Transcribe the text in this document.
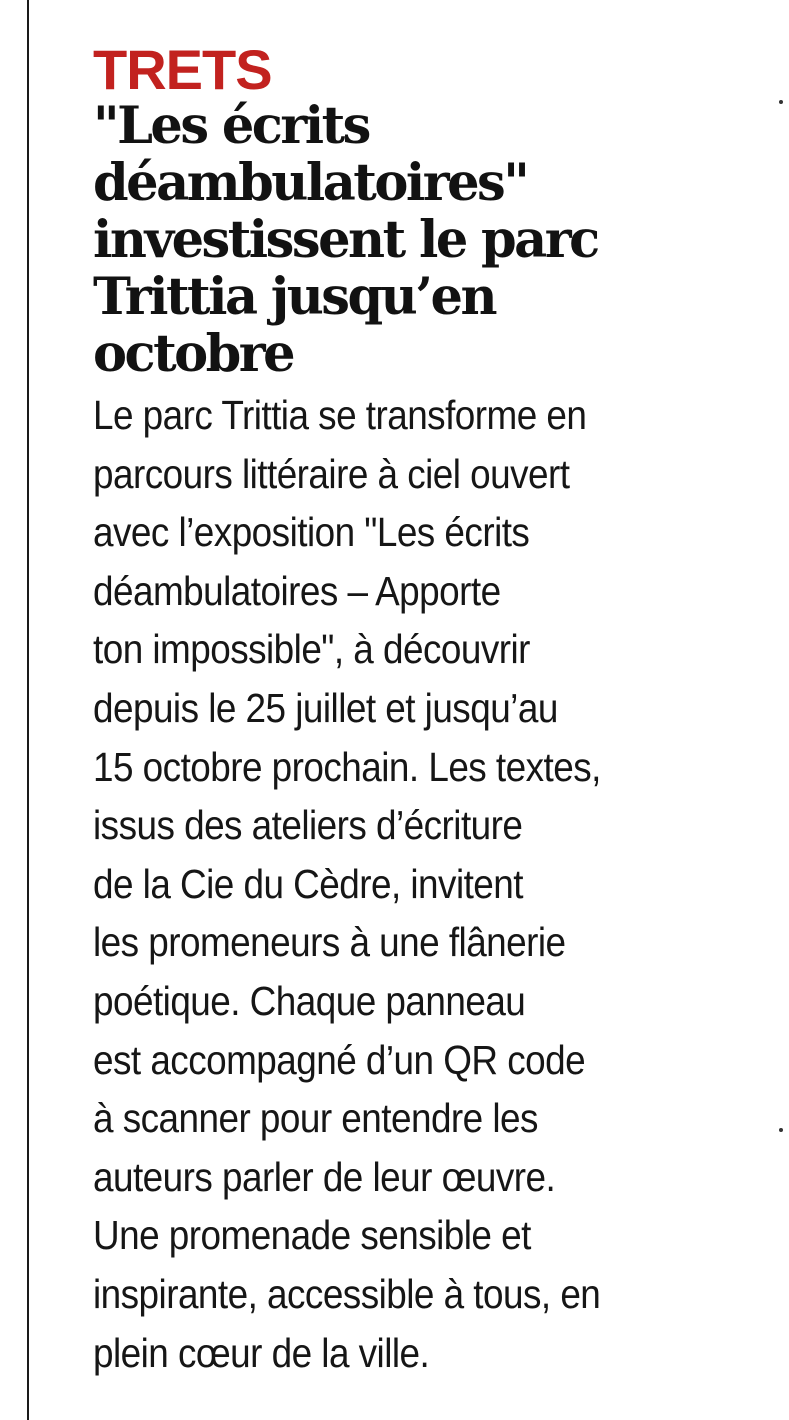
TRETS
"Les écrits
déambulatoires"
investissent le parc
Trittia jusqu’en
octobre

Le parc Trittia se transforme en
parcours littéraire à ciel ouvert
avec l’exposition "Les écrits
déambulatoires – Apporte
ton impossible", à découvrir
depuis le 25 juillet et jusqu’au
15 octobre prochain. Les textes,
issus des ateliers d’écriture
de la Cie du Cèdre, invitent
les promeneurs à une flânerie
poétique. Chaque panneau
est accompagné d’un QR code
à scanner pour entendre les
auteurs parler de leur œuvre.
Une promenade sensible et
inspirante, accessible à tous, en
plein cœur de la ville.
